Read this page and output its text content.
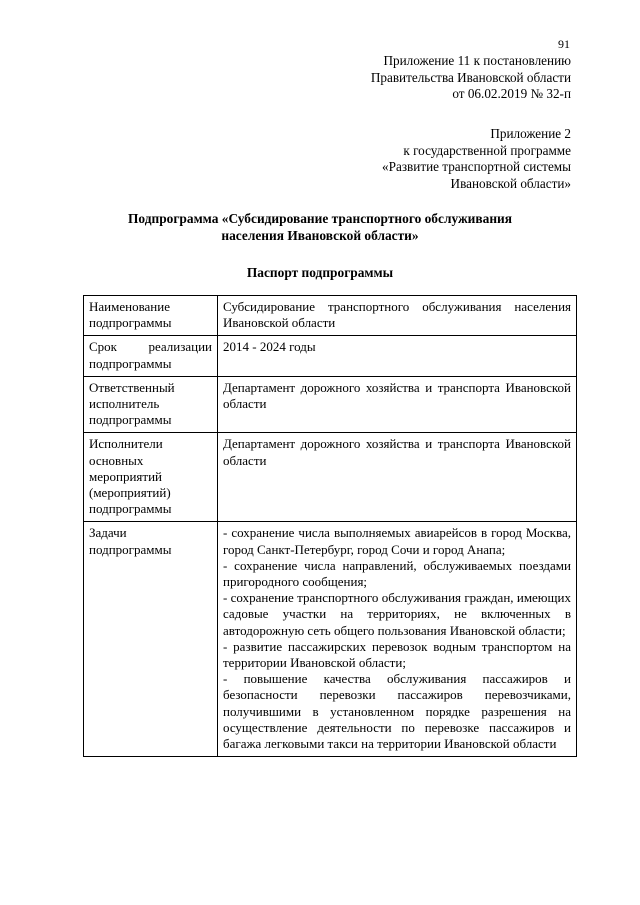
91
Приложение 11 к постановлению
Правительства Ивановской области
от 06.02.2019 № 32-п
Приложение 2
к государственной программе
«Развитие транспортной системы
Ивановской области»
Подпрограмма «Субсидирование транспортного обслуживания
населения Ивановской области»
Паспорт подпрограммы
Наименование подпрограммы	Субсидирование транспортного обслуживания населения Ивановской области
Срок реализации подпрограммы	2014 - 2024 годы
Ответственный исполнитель подпрограммы	Департамент дорожного хозяйства и транспорта Ивановской области
Исполнители основных мероприятий (мероприятий) подпрограммы	Департамент дорожного хозяйства и транспорта Ивановской области
Задачи подпрограммы	- сохранение числа выполняемых авиарейсов в город Москва, город Санкт-Петербург, город Сочи и город Анапа;
- сохранение числа направлений, обслуживаемых поездами пригородного сообщения;
- сохранение транспортного обслуживания граждан, имеющих садовые участки на территориях, не включенных в автодорожную сеть общего пользования Ивановской области;
- развитие пассажирских перевозок водным транспортом на территории Ивановской области;
- повышение качества обслуживания пассажиров и безопасности перевозки пассажиров перевозчиками, получившими в установленном порядке разрешения на осуществление деятельности по перевозке пассажиров и багажа легковыми такси на территории Ивановской области
